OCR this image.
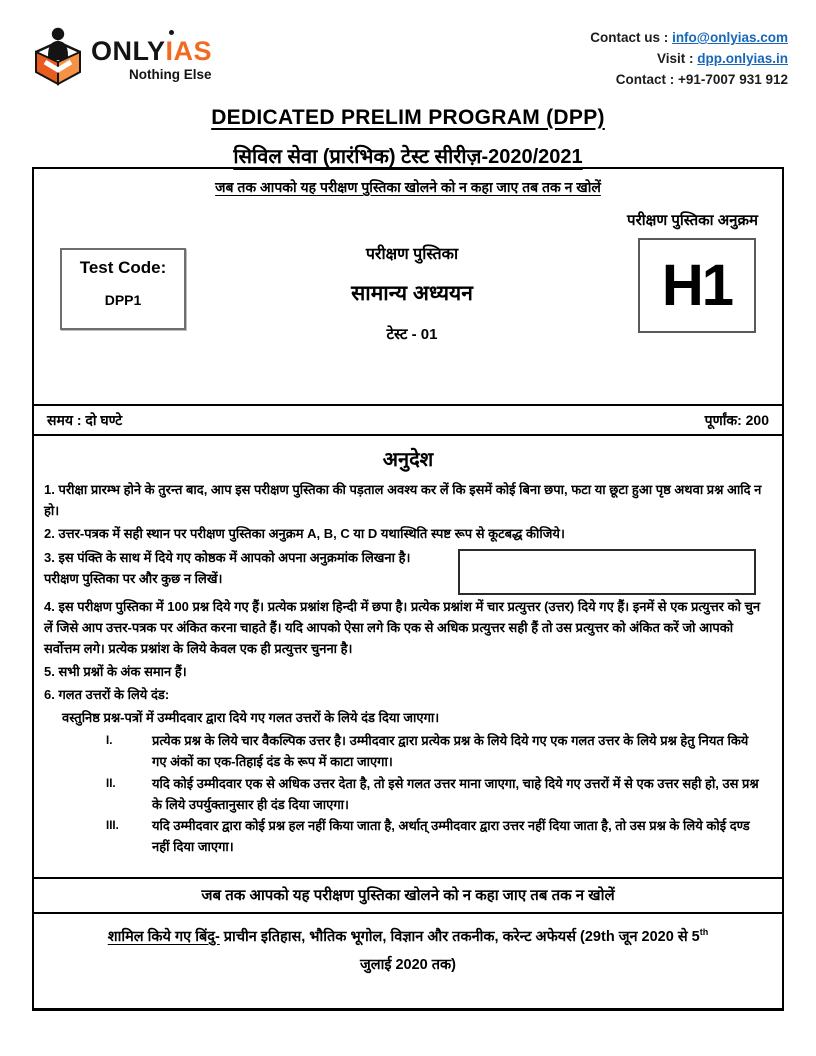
ONLYIAS
Nothing Else
Contact us : info@onlyias.com
Visit : dpp.onlyias.in
Contact : +91-7007 931 912
DEDICATED PRELIM PROGRAM (DPP)
सिविल सेवा (प्रारंभिक) टेस्ट सीरीज़-2020/2021
जब तक आपको यह परीक्षण पुस्तिका खोलने को न कहा जाए तब तक न खोलें
परीक्षण पुस्तिका अनुक्रम
Test Code:
DPP1
परीक्षण पुस्तिका
सामान्य अध्ययन
टेस्ट - 01
H1
समय : दो घण्टे	पूर्णांक: 200
अनुदेश

1. परीक्षा प्रारम्भ होने के तुरन्त बाद, आप इस परीक्षण पुस्तिका की पड़ताल अवश्य कर लें कि इसमें कोई बिना छपा, फटा या छूटा हुआ पृष्ठ अथवा प्रश्न आदि न हो।

2. उत्तर-पत्रक में सही स्थान पर परीक्षण पुस्तिका अनुक्रम A, B, C या D यथास्थिति स्पष्ट रूप से कूटबद्ध कीजिये।

3. इस पंक्ति के साथ में दिये गए कोष्ठक में आपको अपना अनुक्रमांक लिखना है। परीक्षण पुस्तिका पर और कुछ न लिखें।

4. इस परीक्षण पुस्तिका में 100 प्रश्न दिये गए हैं। प्रत्येक प्रश्नांश हिन्दी में छपा है। प्रत्येक प्रश्नांश में चार प्रत्युत्तर (उत्तर) दिये गए हैं। इनमें से एक प्रत्युत्तर को चुन लें जिसे आप उत्तर-पत्रक पर अंकित करना चाहते हैं। यदि आपको ऐसा लगे कि एक से अधिक प्रत्युत्तर सही हैं तो उस प्रत्युत्तर को अंकित करें जो आपको सर्वोत्तम लगे। प्रत्येक प्रश्नांश के लिये केवल एक ही प्रत्युत्तर चुनना है।

5. सभी प्रश्नों के अंक समान हैं।

6. गलत उत्तरों के लिये दंड:

वस्तुनिष्ठ प्रश्न-पत्रों में उम्मीदवार द्वारा दिये गए गलत उत्तरों के लिये दंड दिया जाएगा।

I.	प्रत्येक प्रश्न के लिये चार वैकल्पिक उत्तर है। उम्मीदवार द्वारा प्रत्येक प्रश्न के लिये दिये गए एक गलत उत्तर के लिये प्रश्न हेतु नियत किये गए अंकों का एक-तिहाई दंड के रूप में काटा जाएगा।
II.	यदि कोई उम्मीदवार एक से अधिक उत्तर देता है, तो इसे गलत उत्तर माना जाएगा, चाहे दिये गए उत्तरों में से एक उत्तर सही हो, उस प्रश्न के लिये उपर्युक्तानुसार ही दंड दिया जाएगा।
III.	यदि उम्मीदवार द्वारा कोई प्रश्न हल नहीं किया जाता है, अर्थात् उम्मीदवार द्वारा उत्तर नहीं दिया जाता है, तो उस प्रश्न के लिये कोई दण्ड नहीं दिया जाएगा।
जब तक आपको यह परीक्षण पुस्तिका खोलने को न कहा जाए तब तक न खोलें
शामिल किये गए बिंदु- प्राचीन इतिहास, भौतिक भूगोल, विज्ञान और तकनीक, करेन्ट अफेयर्स (29th जून 2020 से 5th जुलाई 2020 तक)
